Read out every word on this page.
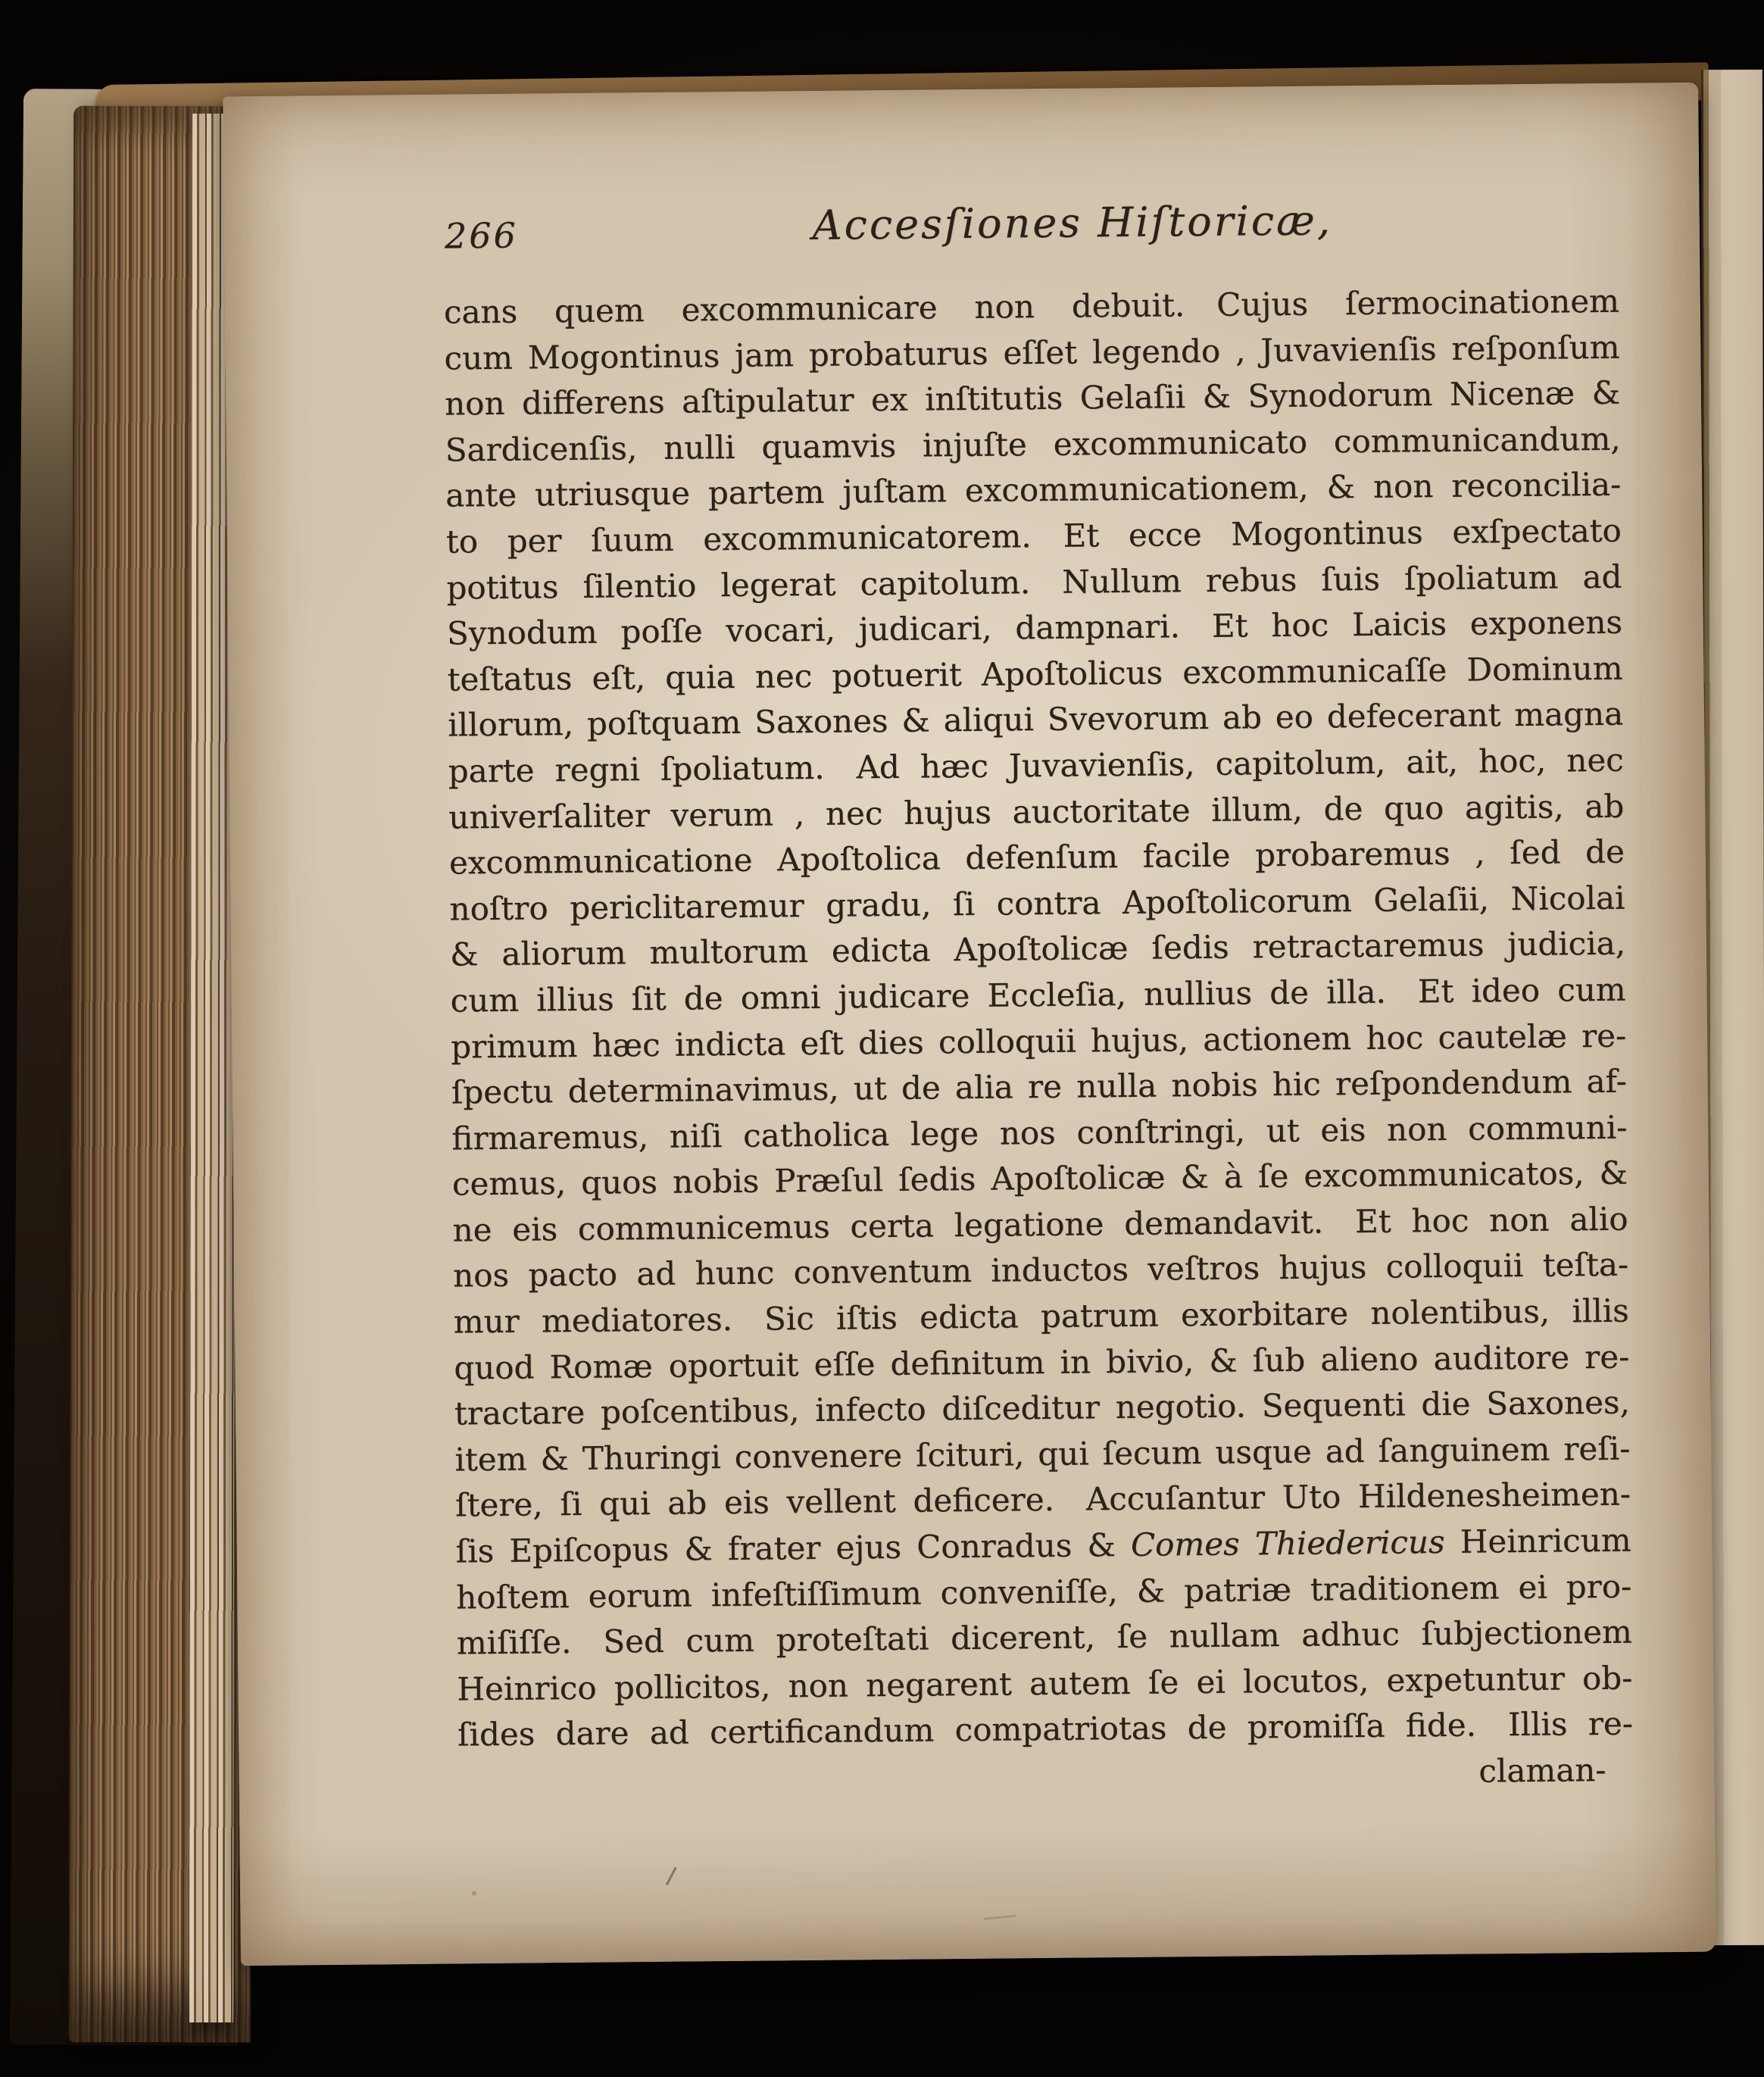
266	Accesſiones Hiſtoricæ,
cans quem excommunicare non debuit. Cujus ſermocinationem
cum Mogontinus jam probaturus eſſet legendo , Juvavienſis reſponſum
non differens aſtipulatur ex inſtitutis Gelaſii & Synodorum Nicenæ &
Sardicenſis, nulli quamvis injuſte excommunicato communicandum,
ante utriusque partem juſtam excommunicationem, & non reconcilia-
to per ſuum excommunicatorem. Et ecce Mogontinus exſpectato
potitus ſilentio legerat capitolum. Nullum rebus ſuis ſpoliatum ad
Synodum poſſe vocari, judicari, dampnari. Et hoc Laicis exponens
teſtatus eſt, quia nec potuerit Apoſtolicus excommunicaſſe Dominum
illorum, poſtquam Saxones & aliqui Svevorum ab eo defecerant magna
parte regni ſpoliatum. Ad hæc Juvavienſis, capitolum, ait, hoc, nec
univerſaliter verum , nec hujus auctoritate illum, de quo agitis, ab
excommunicatione Apoſtolica defenſum facile probaremus , ſed de
noſtro periclitaremur gradu, ſi contra Apoſtolicorum Gelaſii, Nicolai
& aliorum multorum edicta Apoſtolicæ ſedis retractaremus judicia,
cum illius ſit de omni judicare Eccleſia, nullius de illa. Et ideo cum
primum hæc indicta eſt dies colloquii hujus, actionem hoc cautelæ re-
ſpectu determinavimus, ut de alia re nulla nobis hic reſpondendum af-
firmaremus, niſi catholica lege nos conſtringi, ut eis non communi-
cemus, quos nobis Præſul ſedis Apoſtolicæ & à ſe excommunicatos, &
ne eis communicemus certa legatione demandavit. Et hoc non alio
nos pacto ad hunc conventum inductos veſtros hujus colloquii teſta-
mur mediatores. Sic iſtis edicta patrum exorbitare nolentibus, illis
quod Romæ oportuit eſſe definitum in bivio, & ſub alieno auditore re-
tractare poſcentibus, infecto diſceditur negotio. Sequenti die Saxones,
item & Thuringi convenere ſcituri, qui ſecum usque ad ſanguinem reſi-
ſtere, ſi qui ab eis vellent deficere. Accuſantur Uto Hildenesheimen-
ſis Epiſcopus & frater ejus Conradus & Comes Thiedericus Heinricum
hoſtem eorum infeſtiſſimum conveniſſe, & patriæ traditionem ei pro-
miſiſſe. Sed cum proteſtati dicerent, ſe nullam adhuc ſubjectionem
Heinrico pollicitos, non negarent autem ſe ei locutos, expetuntur ob-
ſides dare ad certificandum compatriotas de promiſſa fide. Illis re-
claman-
